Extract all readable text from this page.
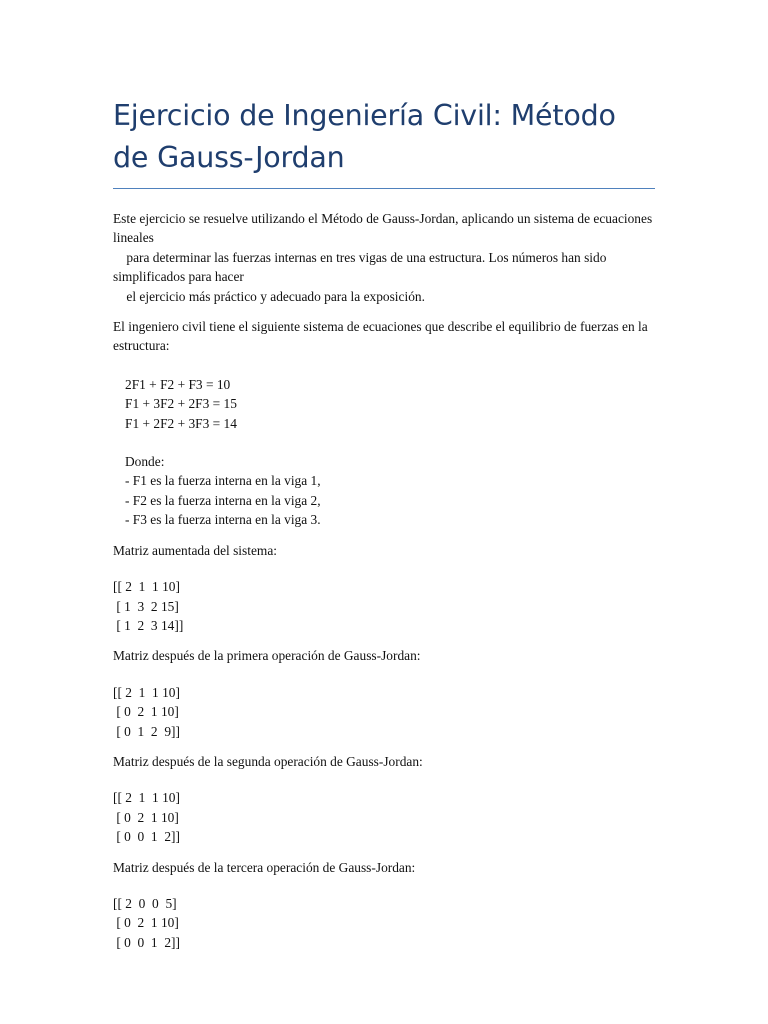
Ejercicio de Ingeniería Civil: Método de Gauss-Jordan

Este ejercicio se resuelve utilizando el Método de Gauss-Jordan, aplicando un sistema de ecuaciones lineales
para determinar las fuerzas internas en tres vigas de una estructura. Los números han sido simplificados para hacer
el ejercicio más práctico y adecuado para la exposición.

El ingeniero civil tiene el siguiente sistema de ecuaciones que describe el equilibrio de fuerzas en la estructura:

2F1 + F2 + F3 = 10
F1 + 3F2 + 2F3 = 15
F1 + 2F2 + 3F3 = 14
Donde:
- F1 es la fuerza interna en la viga 1,
- F2 es la fuerza interna en la viga 2,
- F3 es la fuerza interna en la viga 3.

Matriz aumentada del sistema:

[[ 2  1  1 10]
[ 1  3  2 15]
[ 1  2  3 14]]

Matriz después de la primera operación de Gauss-Jordan:

[[ 2  1  1 10]
[ 0  2  1 10]
[ 0  1  2  9]]

Matriz después de la segunda operación de Gauss-Jordan:

[[ 2  1  1 10]
[ 0  2  1 10]
[ 0  0  1  2]]

Matriz después de la tercera operación de Gauss-Jordan:

[[ 2  0  0  5]
[ 0  2  1 10]
[ 0  0  1  2]]
